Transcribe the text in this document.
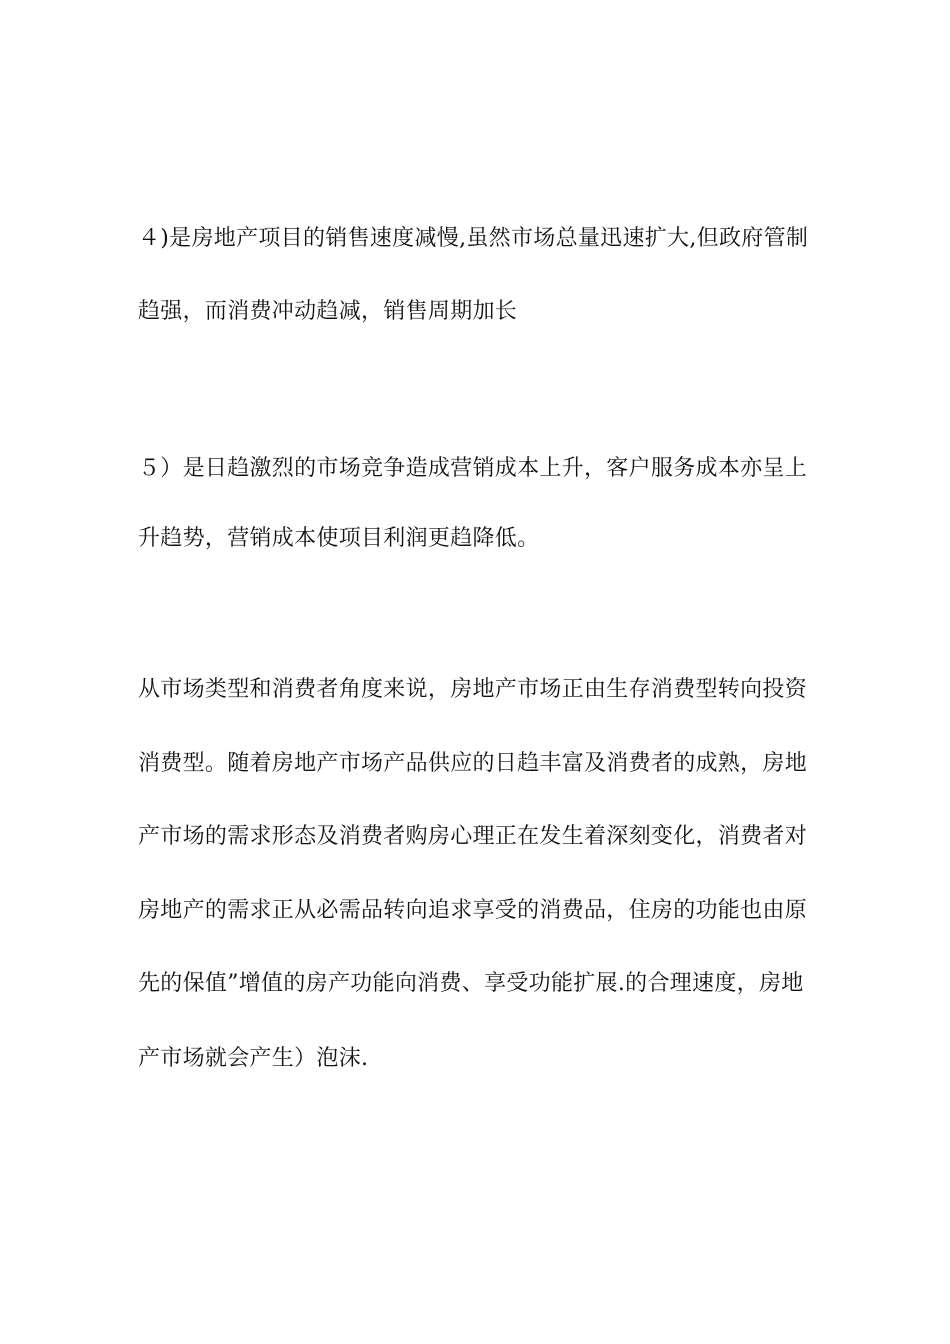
４)是房地产项目的销售速度减慢,虽然市场总量迅速扩大,但政府管制
趋强，而消费冲动趋减，销售周期加长
５）是日趋激烈的市场竞争造成营销成本上升，客户服务成本亦呈上
升趋势，营销成本使项目利润更趋降低。
从市场类型和消费者角度来说，房地产市场正由生存消费型转向投资
消费型。随着房地产市场产品供应的日趋丰富及消费者的成熟，房地
产市场的需求形态及消费者购房心理正在发生着深刻变化，消费者对
房地产的需求正从必需品转向追求享受的消费品，住房的功能也由原
先的保值”增值的房产功能向消费、享受功能扩展.的合理速度，房地
产市场就会产生）泡沫.
